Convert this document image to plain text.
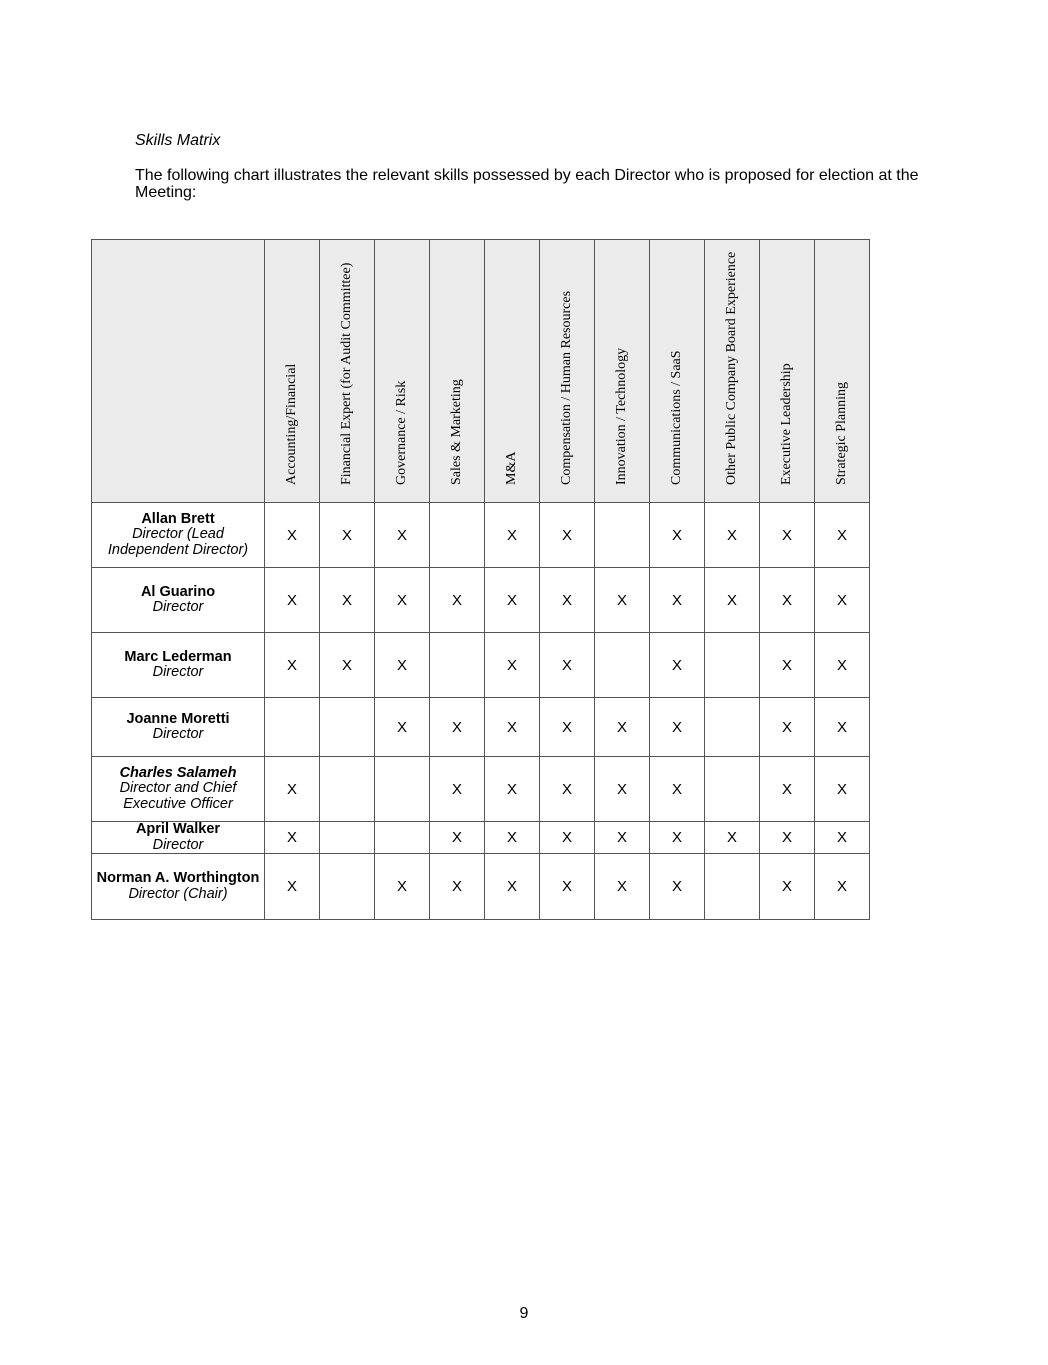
Skills Matrix

The following chart illustrates the relevant skills possessed by each Director who is proposed for election at the Meeting:

	Accounting/Financial	Financial Expert (for Audit Committee)	Governance / Risk	Sales & Marketing	M&A	Compensation / Human Resources	Innovation / Technology	Communications / SaaS	Other Public Company Board Experience	Executive Leadership	Strategic Planning

Allan Brett
Director (Lead Independent Director)	X	X	X		X	X		X	X	X	X

Al Guarino
Director	X	X	X	X	X	X	X	X	X	X	X

Marc Lederman
Director	X	X	X		X	X		X		X	X

Joanne Moretti
Director			X	X	X	X	X	X		X	X

Charles Salameh
Director and Chief Executive Officer	X			X	X	X	X	X		X	X

April Walker
Director	X			X	X	X	X	X	X	X	X

Norman A. Worthington
Director (Chair)	X		X	X	X	X	X	X		X	X
9
